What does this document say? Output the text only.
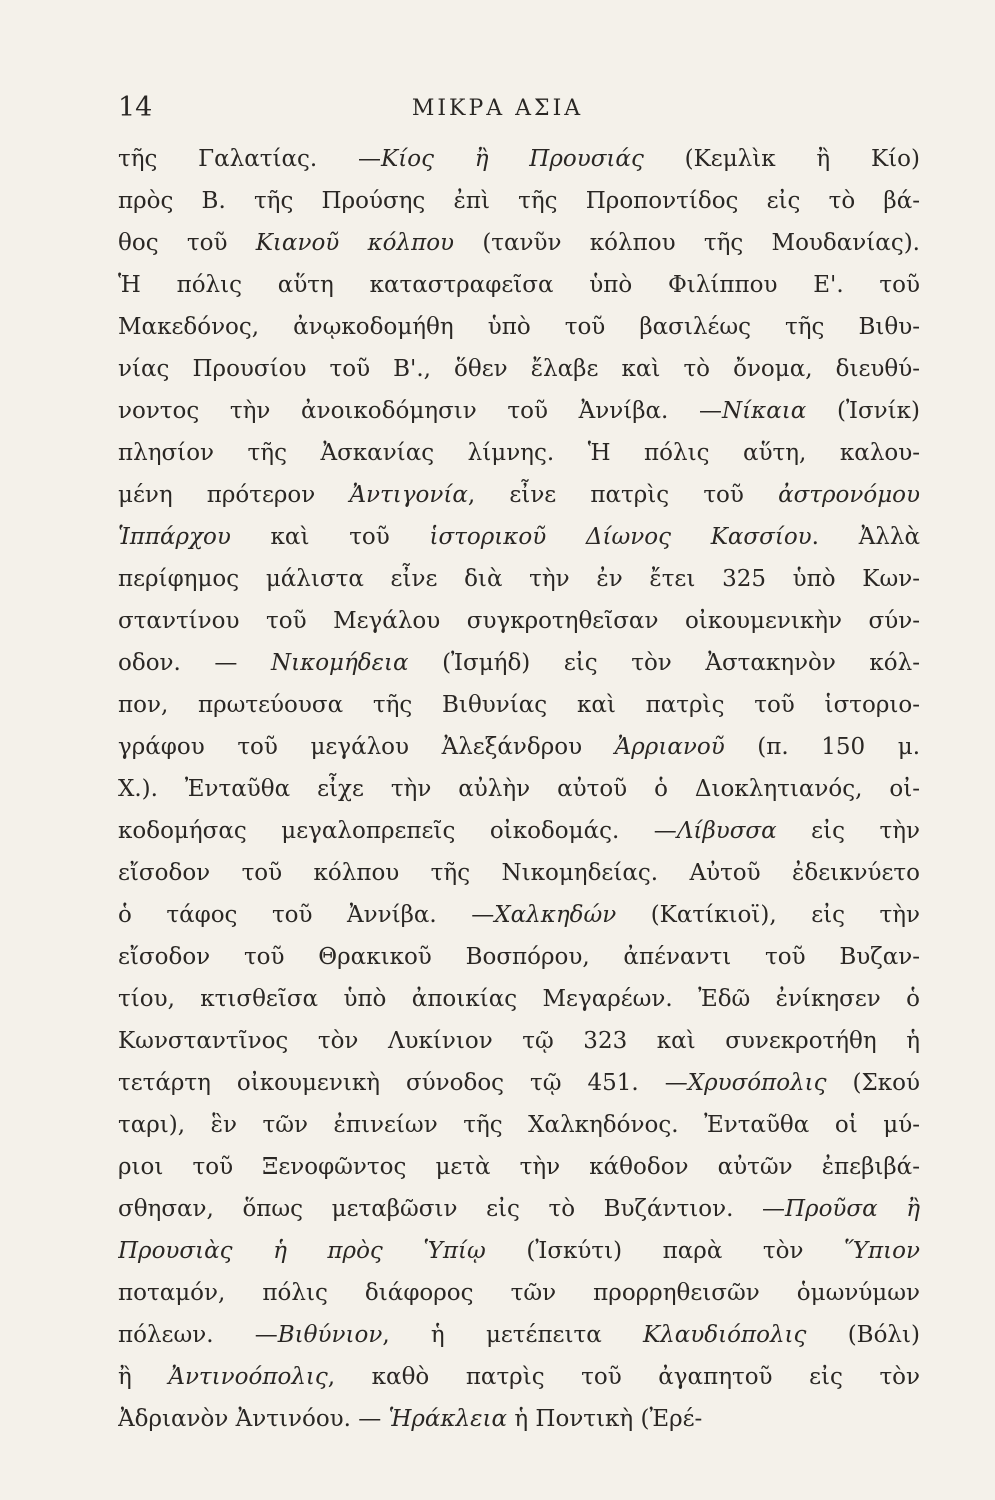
14	ΜΙΚΡΑ ΑΣΙΑ
τῆς Γαλατίας. —Κίος ἢ Προυσιάς (Κεμλὶκ ἢ Κίο)
πρὸς Β. τῆς Προύσης ἐπὶ τῆς Προποντίδος εἰς τὸ βά-
θος τοῦ Κιανοῦ κόλπου (τανῦν κόλπου τῆς Μουδανίας).
Ἡ πόλις αὕτη καταστραφεῖσα ὑπὸ Φιλίππου Ε'. τοῦ
Μακεδόνος, ἀνῳκοδομήθη ὑπὸ τοῦ βασιλέως τῆς Βιθυ-
νίας Προυσίου τοῦ Β'., ὅθεν ἔλαβε καὶ τὸ ὄνομα, διευθύ-
νοντος τὴν ἀνοικοδόμησιν τοῦ Ἀννίβα. —Νίκαια (Ἰσνίκ)
πλησίον τῆς Ἀσκανίας λίμνης. Ἡ πόλις αὕτη, καλου-
μένη πρότερον Ἀντιγονία, εἶνε πατρὶς τοῦ ἀστρονόμου
Ἱππάρχου καὶ τοῦ ἱστορικοῦ Δίωνος Κασσίου. Ἀλλὰ
περίφημος μάλιστα εἶνε διὰ τὴν ἐν ἔτει 325 ὑπὸ Κων-
σταντίνου τοῦ Μεγάλου συγκροτηθεῖσαν οἰκουμενικὴν σύν-
οδον. — Νικομήδεια (Ἰσμήδ) εἰς τὸν Ἀστακηνὸν κόλ-
πον, πρωτεύουσα τῆς Βιθυνίας καὶ πατρὶς τοῦ ἱστοριο-
γράφου τοῦ μεγάλου Ἀλεξάνδρου Ἀρριανοῦ (π. 150 μ.
Χ.). Ἐνταῦθα εἶχε τὴν αὐλὴν αὐτοῦ ὁ Διοκλητιανός, οἰ-
κοδομήσας μεγαλοπρεπεῖς οἰκοδομάς. —Λίβυσσα εἰς τὴν
εἴσοδον τοῦ κόλπου τῆς Νικομηδείας. Αὐτοῦ ἐδεικνύετο
ὁ τάφος τοῦ Ἀννίβα. —Χαλκηδών (Κατίκιοϊ), εἰς τὴν
εἴσοδον τοῦ Θρακικοῦ Βοσπόρου, ἀπέναντι τοῦ Βυζαν-
τίου, κτισθεῖσα ὑπὸ ἀποικίας Μεγαρέων. Ἐδῶ ἐνίκησεν ὁ
Κωνσταντῖνος τὸν Λυκίνιον τῷ 323 καὶ συνεκροτήθη ἡ
τετάρτη οἰκουμενικὴ σύνοδος τῷ 451. —Χρυσόπολις (Σκού
ταρι), ἓν τῶν ἐπινείων τῆς Χαλκηδόνος. Ἐνταῦθα οἱ μύ-
ριοι τοῦ Ξενοφῶντος μετὰ τὴν κάθοδον αὐτῶν ἐπεβιβά-
σθησαν, ὅπως μεταβῶσιν εἰς τὸ Βυζάντιον. —Προῦσα ἢ
Προυσιὰς ἡ πρὸς Ὑπίῳ (Ἰσκύτι) παρὰ τὸν Ὕπιον
ποταμόν, πόλις διάφορος τῶν προρρηθεισῶν ὁμωνύμων
πόλεων. —Βιθύνιον, ἡ μετέπειτα Κλαυδιόπολις (Βόλι)
ἢ Ἀντινοόπολις, καθὸ πατρὶς τοῦ ἀγαπητοῦ εἰς τὸν
Ἀδριανὸν Ἀντινόου. — Ἡράκλεια ἡ Ποντικὴ (Ἐρέ-
